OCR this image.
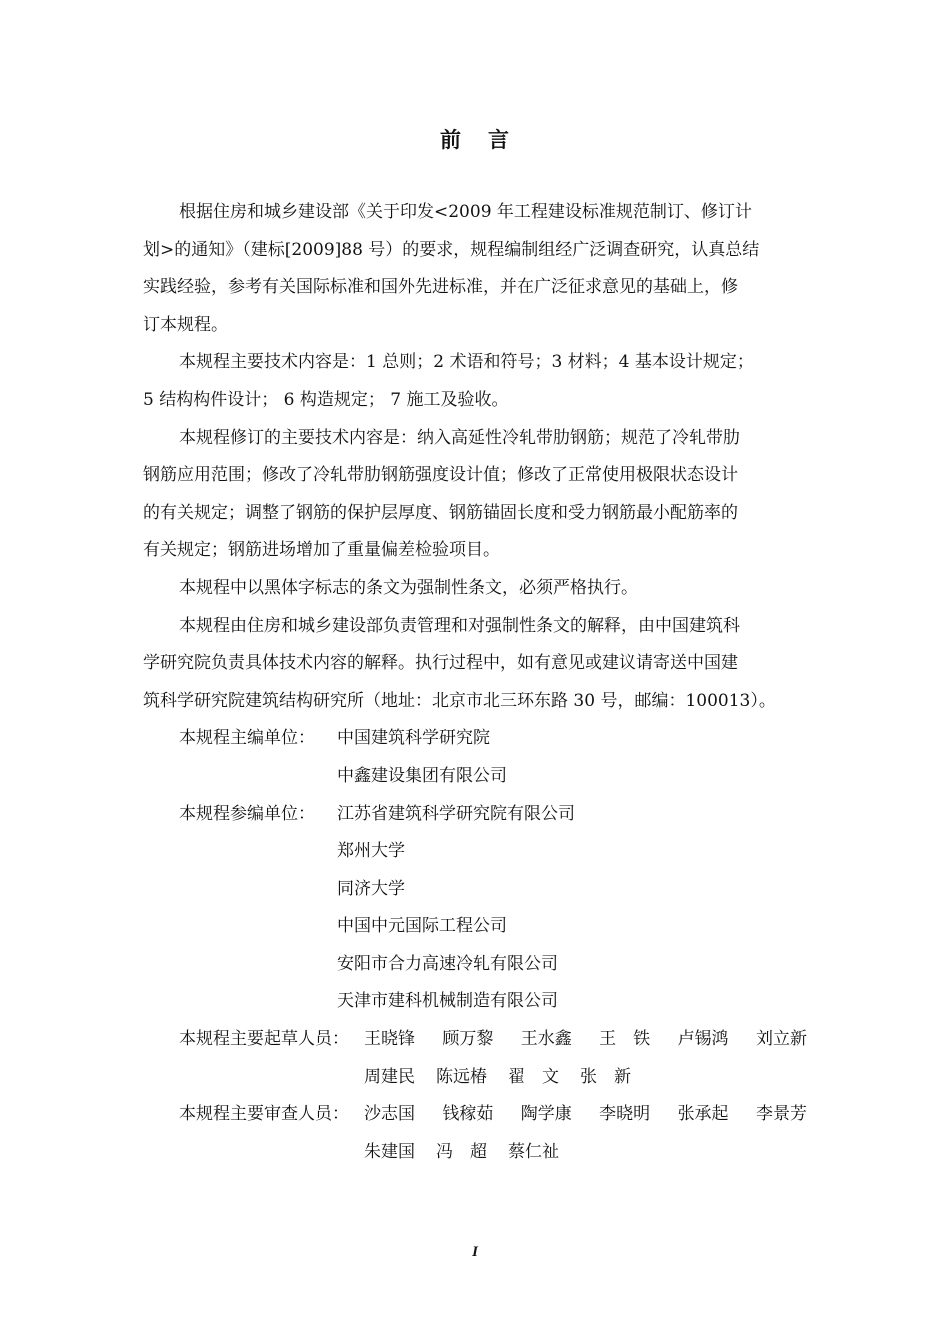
前 言

根据住房和城乡建设部《关于印发<2009 年工程建设标准规范制订、修订计
划>的通知》（建标[2009]88 号）的要求，规程编制组经广泛调查研究，认真总结
实践经验，参考有关国际标准和国外先进标准，并在广泛征求意见的基础上，修
订本规程。

本规程主要技术内容是：1 总则；2 术语和符号；3 材料；4 基本设计规定；
5 结构构件设计； 6 构造规定； 7 施工及验收。

本规程修订的主要技术内容是：纳入高延性冷轧带肋钢筋；规范了冷轧带肋
钢筋应用范围；修改了冷轧带肋钢筋强度设计值；修改了正常使用极限状态设计
的有关规定；调整了钢筋的保护层厚度、钢筋锚固长度和受力钢筋最小配筋率的
有关规定；钢筋进场增加了重量偏差检验项目。

本规程中以黑体字标志的条文为强制性条文，必须严格执行。

本规程由住房和城乡建设部负责管理和对强制性条文的解释，由中国建筑科
学研究院负责具体技术内容的解释。执行过程中，如有意见或建议请寄送中国建
筑科学研究院建筑结构研究所（地址：北京市北三环东路 30 号，邮编：100013）。

本规程主编单位：	中国建筑科学研究院
中鑫建设集团有限公司
本规程参编单位：	江苏省建筑科学研究院有限公司
郑州大学
同济大学
中国中元国际工程公司
安阳市合力高速冷轧有限公司
天津市建科机械制造有限公司
本规程主要起草人员： 王晓锋 顾万黎 王水鑫 王　铁 卢锡鸿 刘立新
周建民 陈远椿 翟　文 张　新
本规程主要审查人员： 沙志国 钱稼茹 陶学康 李晓明 张承起 李景芳
朱建国 冯　超 蔡仁祉
I
